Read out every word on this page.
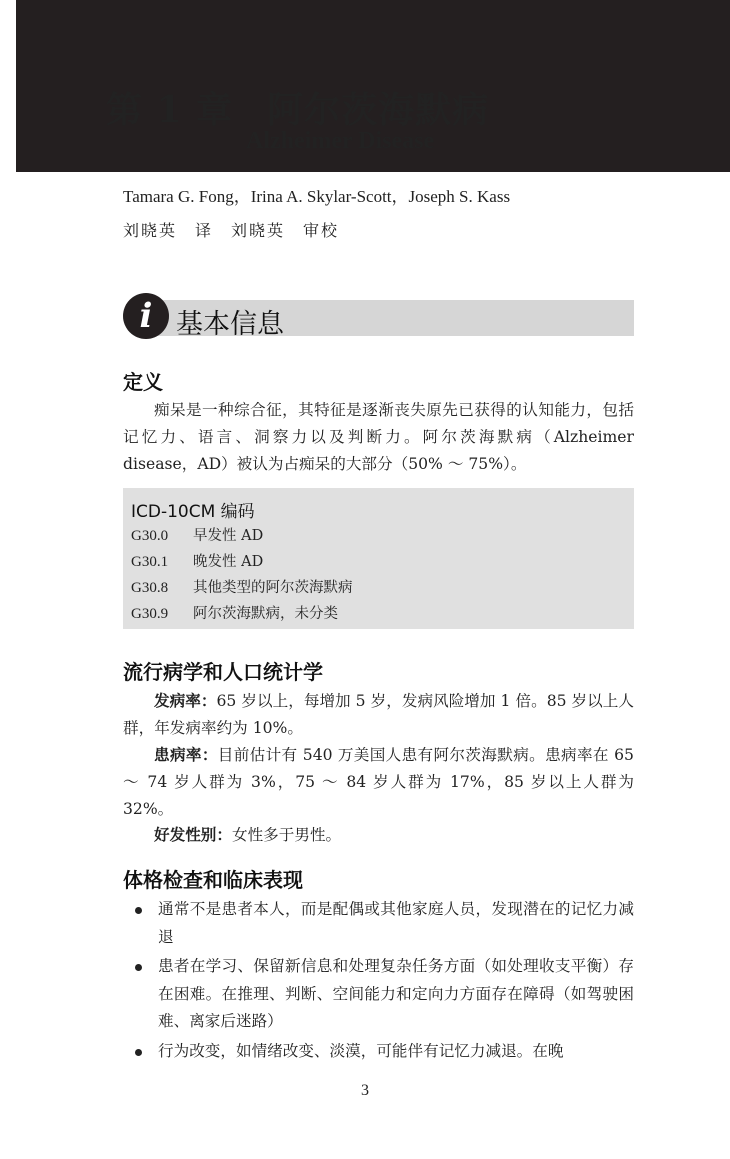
第 1 章 阿尔茨海默病
Alzheimer Disease
Tamara G. Fong，Irina A. Skylar-Scott，Joseph S. Kass
刘晓英 译 刘晓英 审校
i 基本信息
定义
痴呆是一种综合征，其特征是逐渐丧失原先已获得的认知能力，包括记忆力、语言、洞察力以及判断力。阿尔茨海默病（Alzheimer disease，AD）被认为占痴呆的大部分（50% ～ 75%）。
ICD-10CM 编码
G30.0 早发性 AD
G30.1 晚发性 AD
G30.8 其他类型的阿尔茨海默病
G30.9 阿尔茨海默病，未分类
流行病学和人口统计学
发病率：65 岁以上，每增加 5 岁，发病风险增加 1 倍。85 岁以上人群，年发病率约为 10%。
患病率：目前估计有 540 万美国人患有阿尔茨海默病。患病率在 65 ～ 74 岁人群为 3%，75 ～ 84 岁人群为 17%，85 岁以上人群为 32%。
好发性别：女性多于男性。
体格检查和临床表现
通常不是患者本人，而是配偶或其他家庭人员，发现潜在的记忆力减退
患者在学习、保留新信息和处理复杂任务方面（如处理收支平衡）存在困难。在推理、判断、空间能力和定向力方面存在障碍（如驾驶困难、离家后迷路）
行为改变，如情绪改变、淡漠，可能伴有记忆力减退。在晚
3
